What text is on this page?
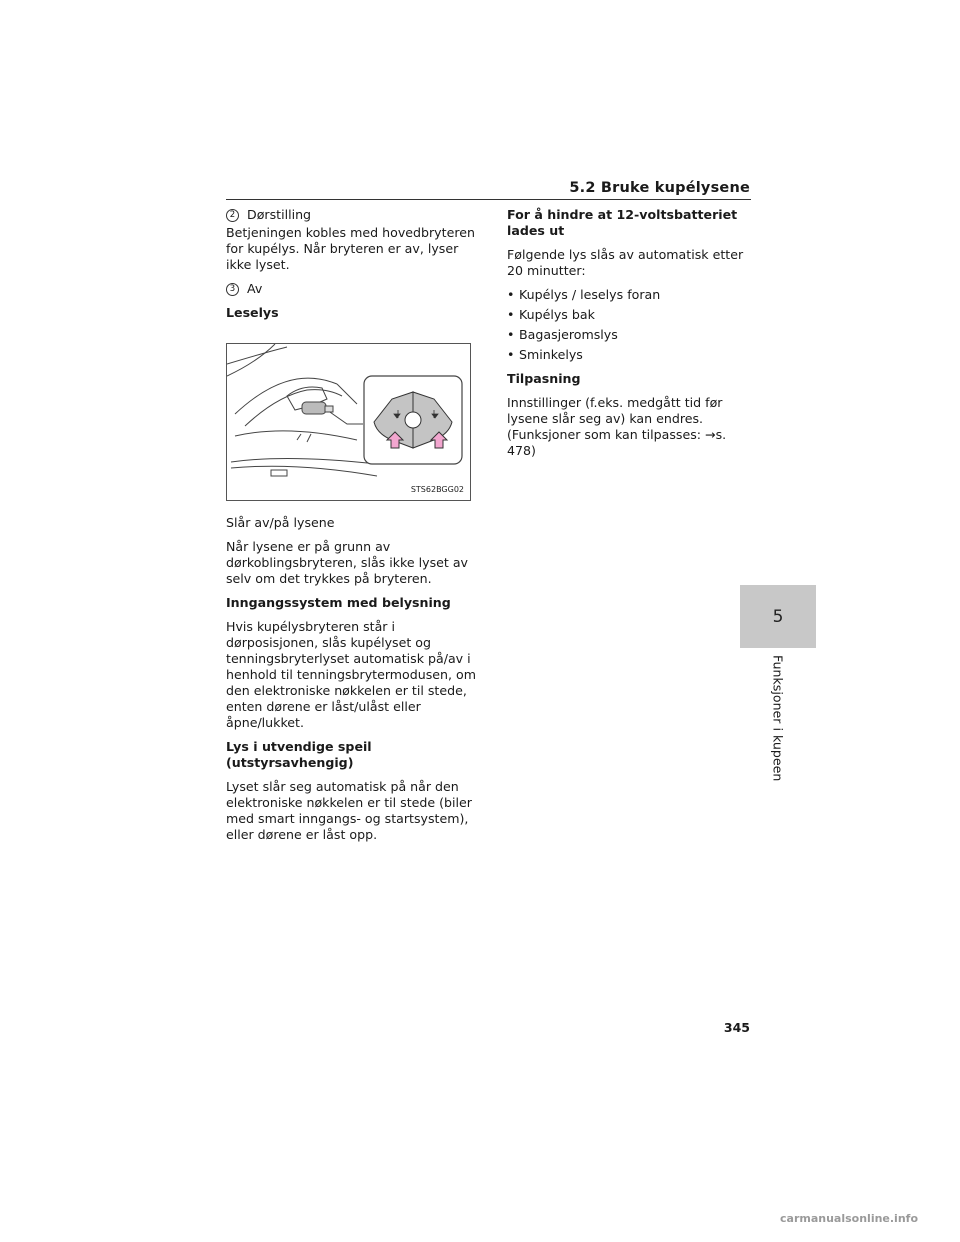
5.2 Bruke kupélysene
2 Dørstilling

Betjeningen kobles med hovedbryteren for kupélys. Når bryteren er av, lyser ikke lyset.

3 Av
Leselys
STS62BGG02

Slår av/på lysene

Når lysene er på grunn av dørkoblingsbryteren, slås ikke lyset av selv om det trykkes på bryteren.

Inngangssystem med belysning

Hvis kupélysbryteren står i dørposisjonen, slås kupélyset og tenningsbryterlyset automatisk på/av i henhold til tenningsbrytermodusen, om den elektroniske nøkkelen er til stede, enten dørene er låst/ulåst eller åpne/lukket.

Lys i utvendige speil (utstyrsavhengig)

Lyset slår seg automatisk på når den elektroniske nøkkelen er til stede (biler med smart inngangs- og startsystem), eller dørene er låst opp.

For å hindre at 12-voltsbatteriet lades ut

Følgende lys slås av automatisk etter 20 minutter:

• Kupélys / leselys foran
• Kupélys bak
• Bagasjeromslys
• Sminkelys
Tilpasning

Innstillinger (f.eks. medgått tid før lysene slår seg av) kan endres. (Funksjoner som kan tilpasses: →s. 478)

5
Funksjoner i kupeen
345
carmanualsonline.info
